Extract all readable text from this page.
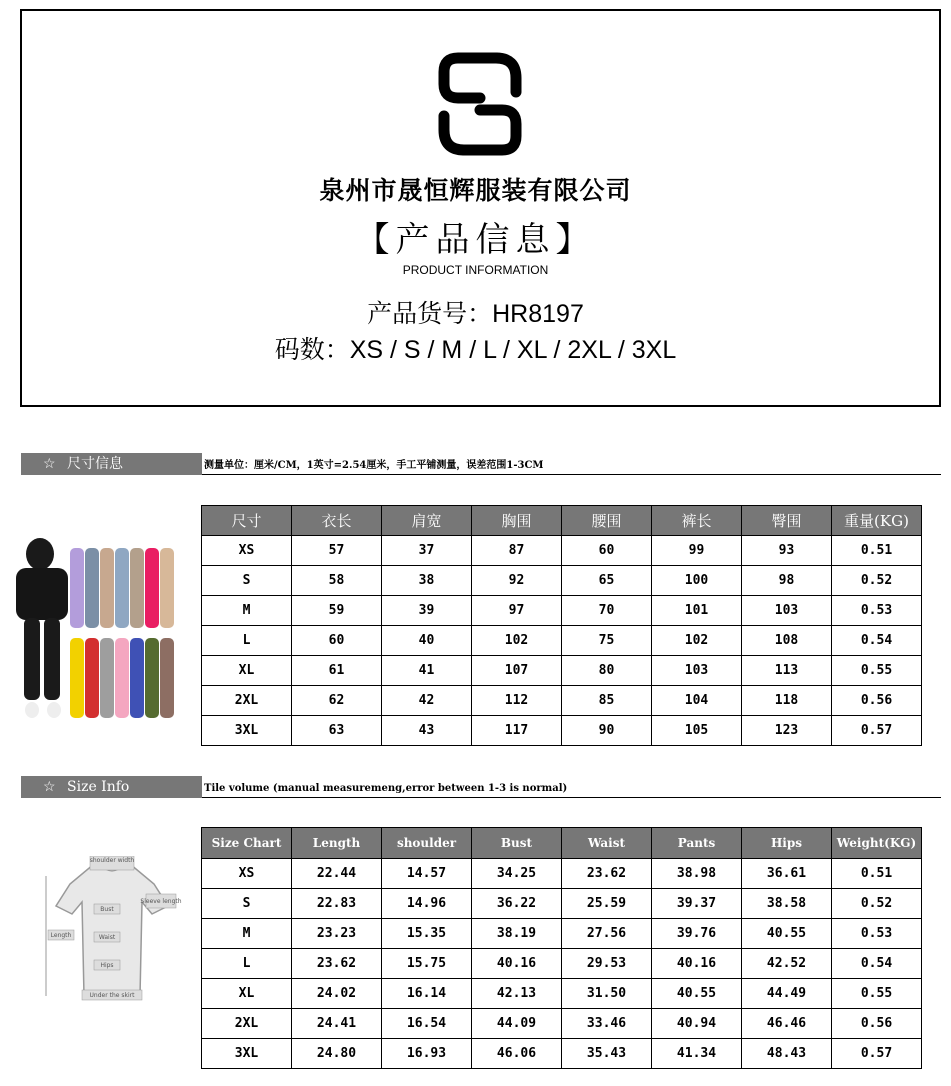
泉州市晟恒辉服装有限公司
【产品信息】
PRODUCT INFORMATION
产品货号：HR8197
码数：XS / S / M / L / XL / 2XL / 3XL
☆ 尺寸信息	测量单位：厘米/CM，1英寸=2.54厘米，手工平铺测量，误差范围1-3CM
尺寸	衣长	肩宽	胸围	腰围	裤长	臀围	重量(KG)
XS	57	37	87	60	99	93	0.51
S	58	38	92	65	100	98	0.52
M	59	39	97	70	101	103	0.53
L	60	40	102	75	102	108	0.54
XL	61	41	107	80	103	113	0.55
2XL	62	42	112	85	104	118	0.56
3XL	63	43	117	90	105	123	0.57
☆ Size Info	Tile volume (manual measuremeng,error between 1-3 is normal)
shoulder width
Sleeve length
Length
Bust
Waist
Hips
Under the skirt
Size Chart	Length	shoulder	Bust	Waist	Pants	Hips	Weight(KG)
XS	22.44	14.57	34.25	23.62	38.98	36.61	0.51
S	22.83	14.96	36.22	25.59	39.37	38.58	0.52
M	23.23	15.35	38.19	27.56	39.76	40.55	0.53
L	23.62	15.75	40.16	29.53	40.16	42.52	0.54
XL	24.02	16.14	42.13	31.50	40.55	44.49	0.55
2XL	24.41	16.54	44.09	33.46	40.94	46.46	0.56
3XL	24.80	16.93	46.06	35.43	41.34	48.43	0.57
